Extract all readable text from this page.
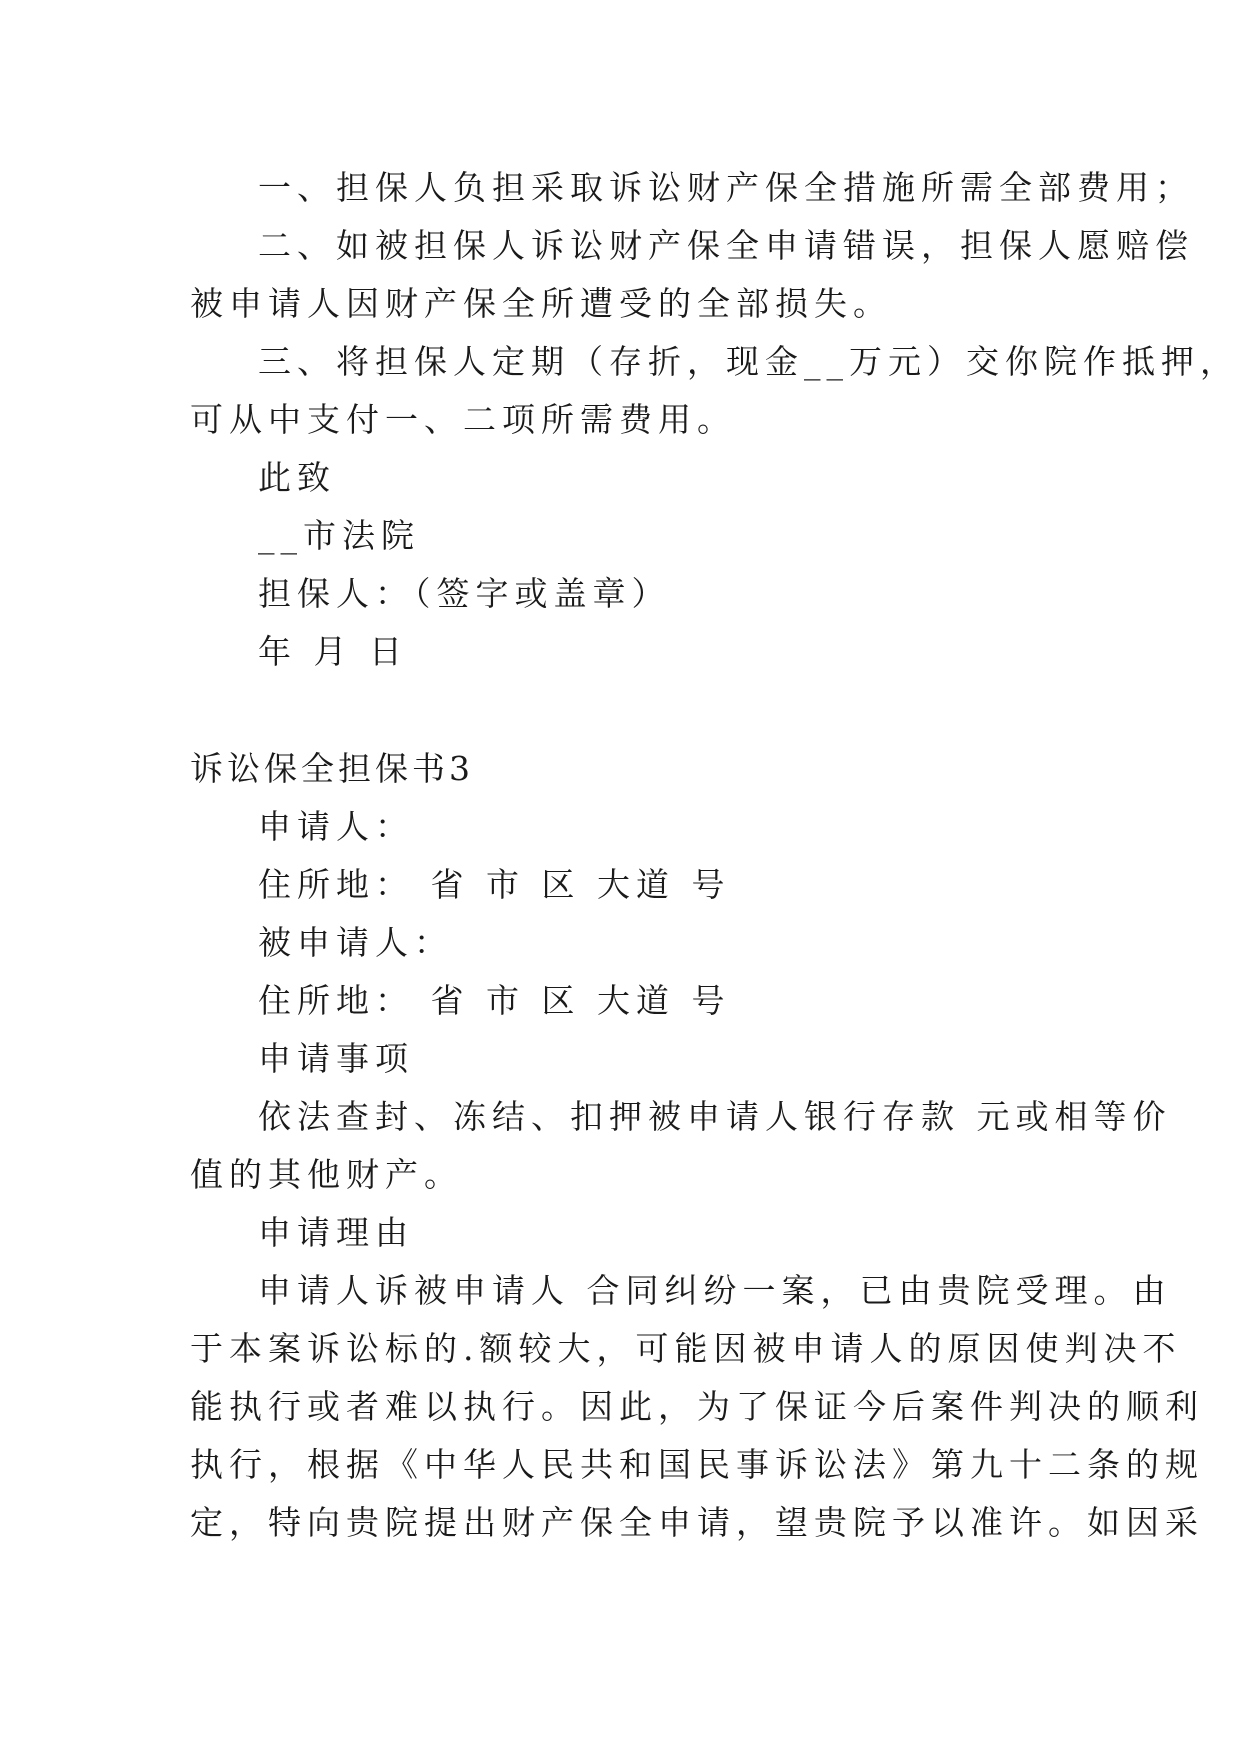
一、担保人负担采取诉讼财产保全措施所需全部费用；
二、如被担保人诉讼财产保全申请错误，担保人愿赔偿
被申请人因财产保全所遭受的全部损失。
三、将担保人定期（存折，现金__万元）交你院作抵押，
可从中支付一、二项所需费用。
此致
__市法院
担保人：（签字或盖章）
年 月 日
诉讼保全担保书3
申请人：
住所地： 省 市 区 大道 号
被申请人：
住所地： 省 市 区 大道 号
申请事项
依法查封、冻结、扣押被申请人银行存款 元或相等价
值的其他财产。
申请理由
申请人诉被申请人 合同纠纷一案，已由贵院受理。由
于本案诉讼标的.额较大，可能因被申请人的原因使判决不
能执行或者难以执行。因此，为了保证今后案件判决的顺利
执行，根据《中华人民共和国民事诉讼法》第九十二条的规
定，特向贵院提出财产保全申请，望贵院予以准许。如因采
